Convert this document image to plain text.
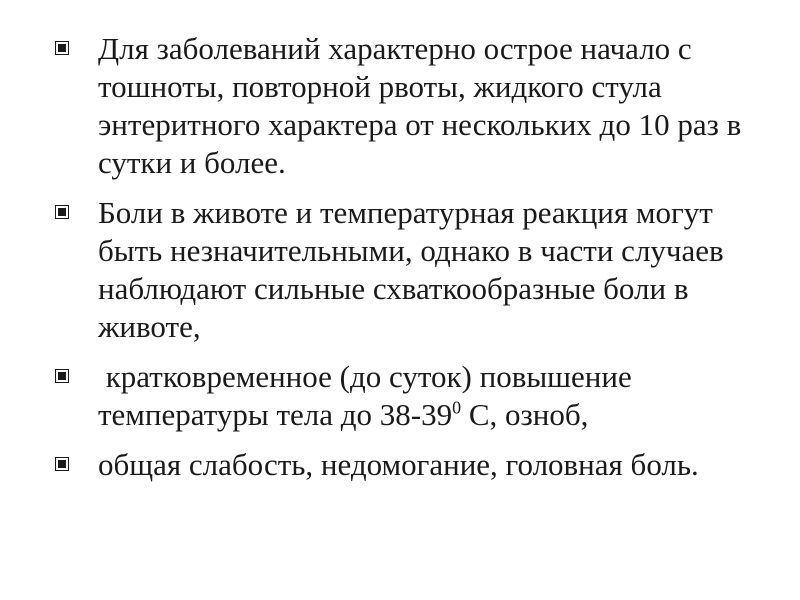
Для заболеваний характерно острое начало с тошноты, повторной рвоты, жидкого стула энтеритного характера от нескольких до 10 раз в сутки и более.
Боли в животе и температурная реакция могут быть незначительными, однако в части случаев наблюдают сильные схваткообразные боли в животе,
кратковременное (до суток) повышение температуры тела до $38-39^0$ С, озноб,
общая слабость, недомогание, головная боль.
